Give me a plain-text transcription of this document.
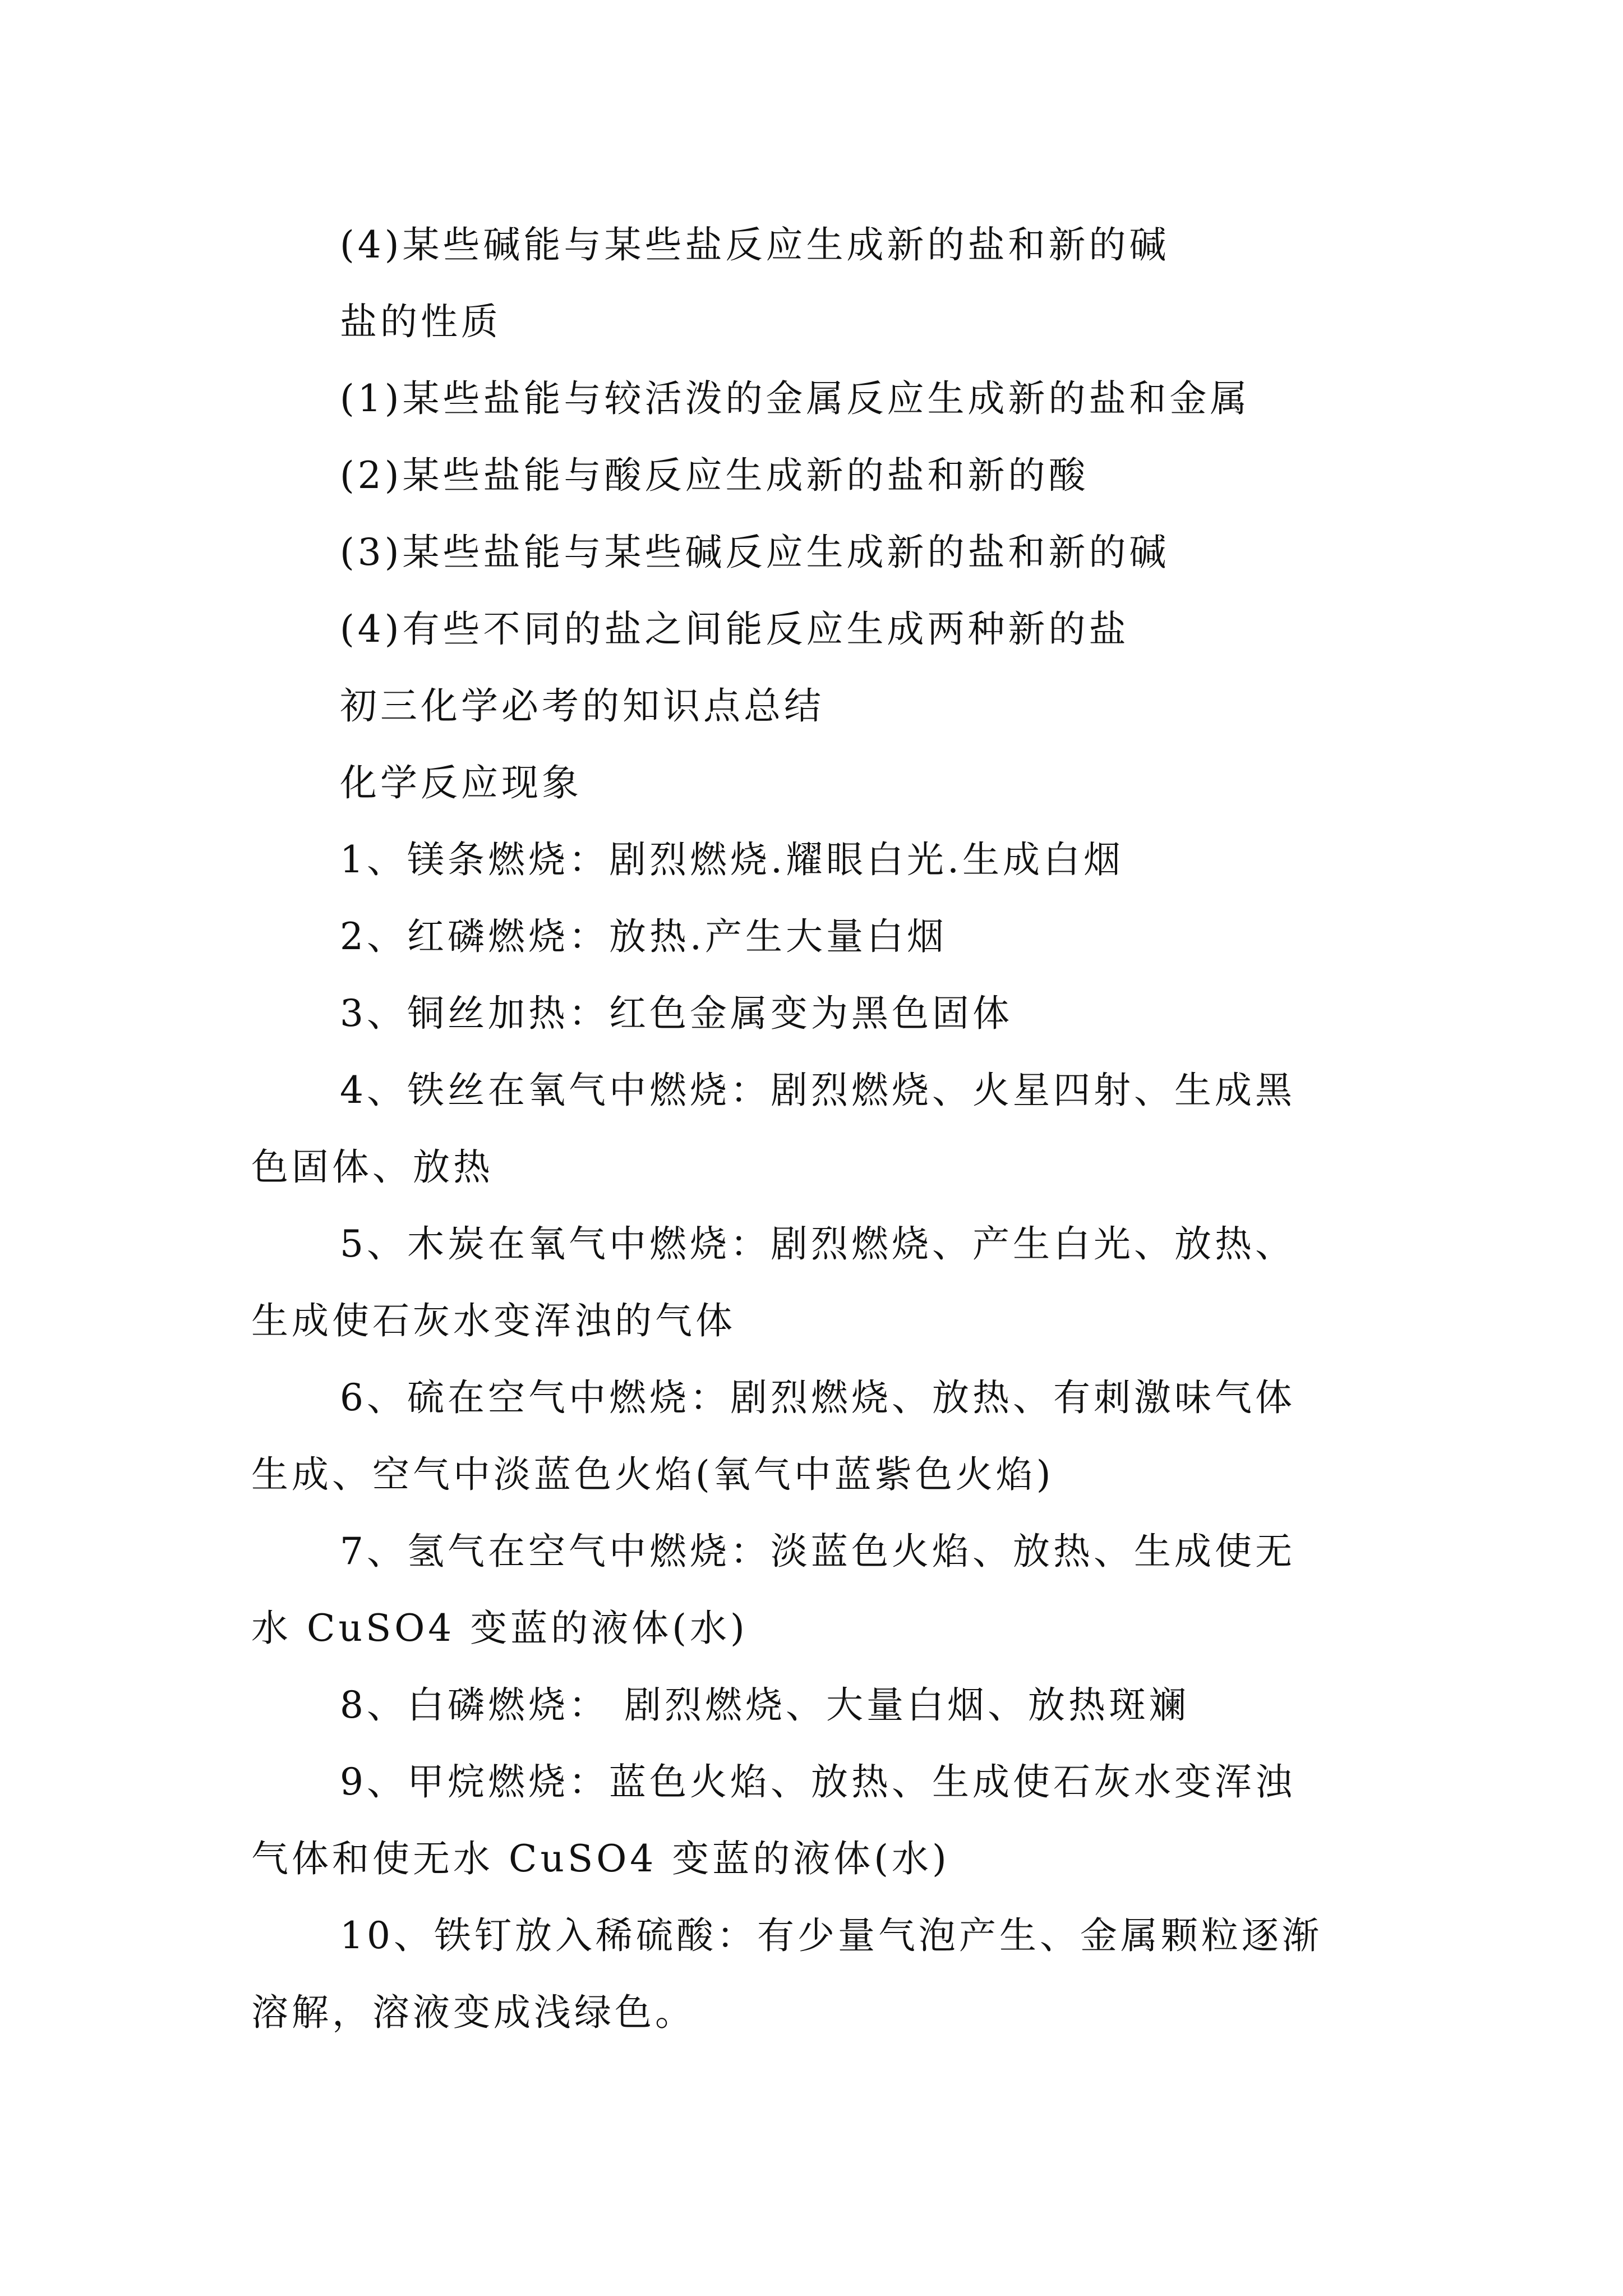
(4)某些碱能与某些盐反应生成新的盐和新的碱
盐的性质
(1)某些盐能与较活泼的金属反应生成新的盐和金属
(2)某些盐能与酸反应生成新的盐和新的酸
(3)某些盐能与某些碱反应生成新的盐和新的碱
(4)有些不同的盐之间能反应生成两种新的盐
初三化学必考的知识点总结
化学反应现象
1、镁条燃烧：剧烈燃烧.耀眼白光.生成白烟
2、红磷燃烧：放热.产生大量白烟
3、铜丝加热：红色金属变为黑色固体
4、铁丝在氧气中燃烧：剧烈燃烧、火星四射、生成黑
色固体、放热
5、木炭在氧气中燃烧：剧烈燃烧、产生白光、放热、
生成使石灰水变浑浊的气体
6、硫在空气中燃烧：剧烈燃烧、放热、有刺激味气体
生成、空气中淡蓝色火焰(氧气中蓝紫色火焰)
7、氢气在空气中燃烧：淡蓝色火焰、放热、生成使无
水 CuSO4 变蓝的液体(水)
8、白磷燃烧： 剧烈燃烧、大量白烟、放热斑斓
9、甲烷燃烧：蓝色火焰、放热、生成使石灰水变浑浊
气体和使无水 CuSO4 变蓝的液体(水)
10、铁钉放入稀硫酸：有少量气泡产生、金属颗粒逐渐
溶解，溶液变成浅绿色。
